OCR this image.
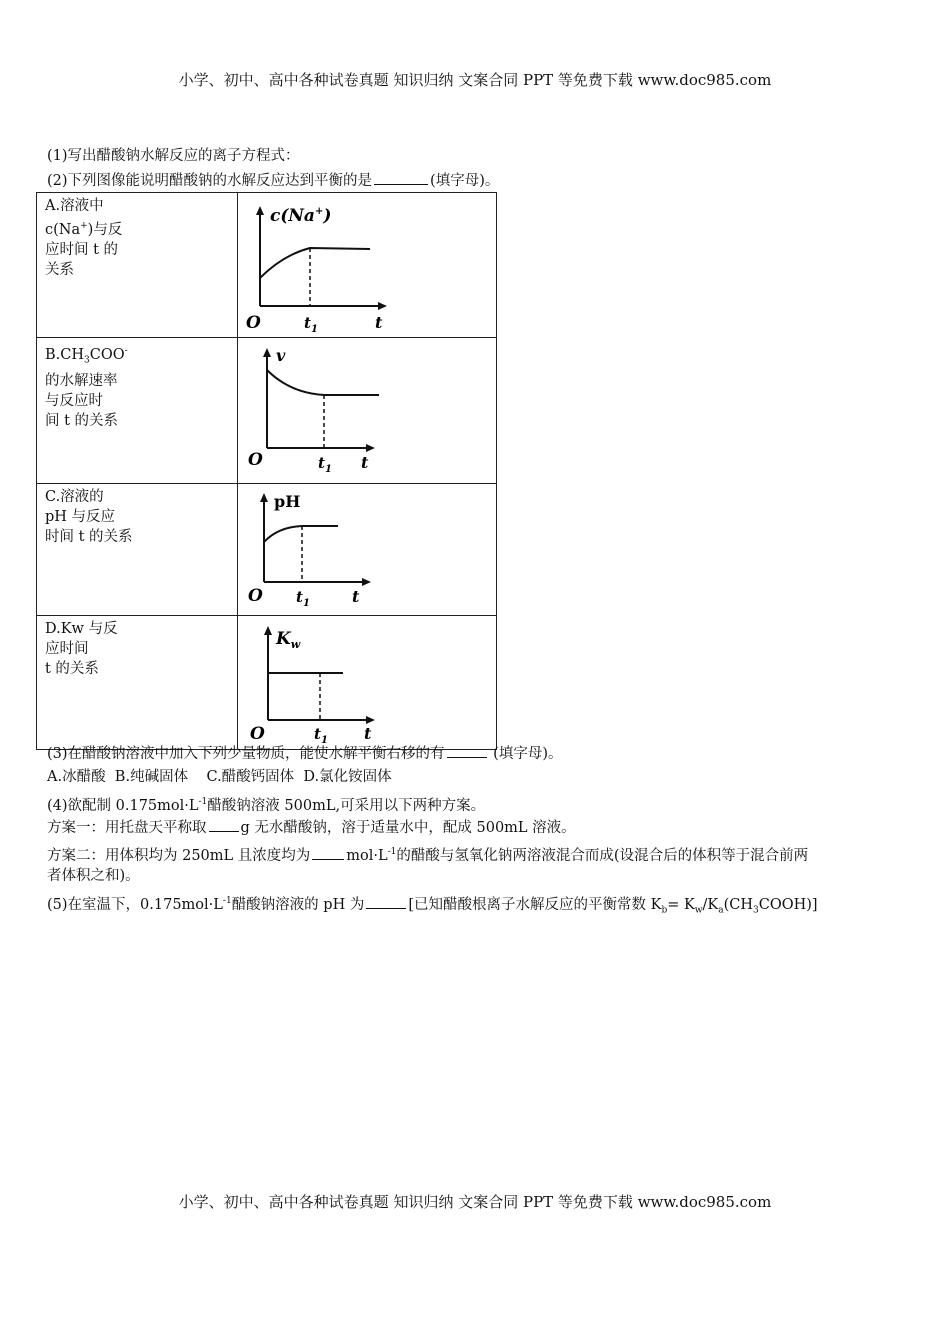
小学、初中、高中各种试卷真题 知识归纳 文案合同 PPT 等免费下载 www.doc985.com
(1)写出醋酸钠水解反应的离子方程式：
(2)下列图像能说明醋酸钠的水解反应达到平衡的是	(填字母)。
A.溶液中
c(Na+)与反
应时间 t 的
关系	c(Na+)
O $t_1$ t

$B.CH_3COO^-$
的水解速率
与反应时
间 t 的关系	v
O $t_1$ t

C.溶液的
pH 与反应
时间 t 的关系	pH
O $t_1$ t

D.Kw 与反
应时间
t 的关系	$K_w$
O $t_1$ t
(3)在醋酸钠溶液中加入下列少量物质，能使水解平衡右移的有	(填字母)。
A.冰醋酸  B.纯碱固体    C.醋酸钙固体  D.氯化铵固体
(4)欲配制 $0.175mol\cdot L^{-1}$醋酸钠溶液 500mL,可采用以下两种方案。
方案一：用托盘天平称取 g 无水醋酸钠，溶于适量水中，配成 500mL 溶液。
方案二：用体积均为 250mL 且浓度均为 $mol\cdot L^{-1}$的醋酸与氢氧化钠两溶液混合而成(设混合后的体积等于混合前两
者体积之和)。
(5)在室温下，$0.175mol\cdot L^{-1}$醋酸钠溶液的 pH 为	[已知醋酸根离子水解反应的平衡常数 $K_b=$ $K_w/K_a(CH_3COOH)$]
小学、初中、高中各种试卷真题 知识归纳 文案合同 PPT 等免费下载 www.doc985.com
